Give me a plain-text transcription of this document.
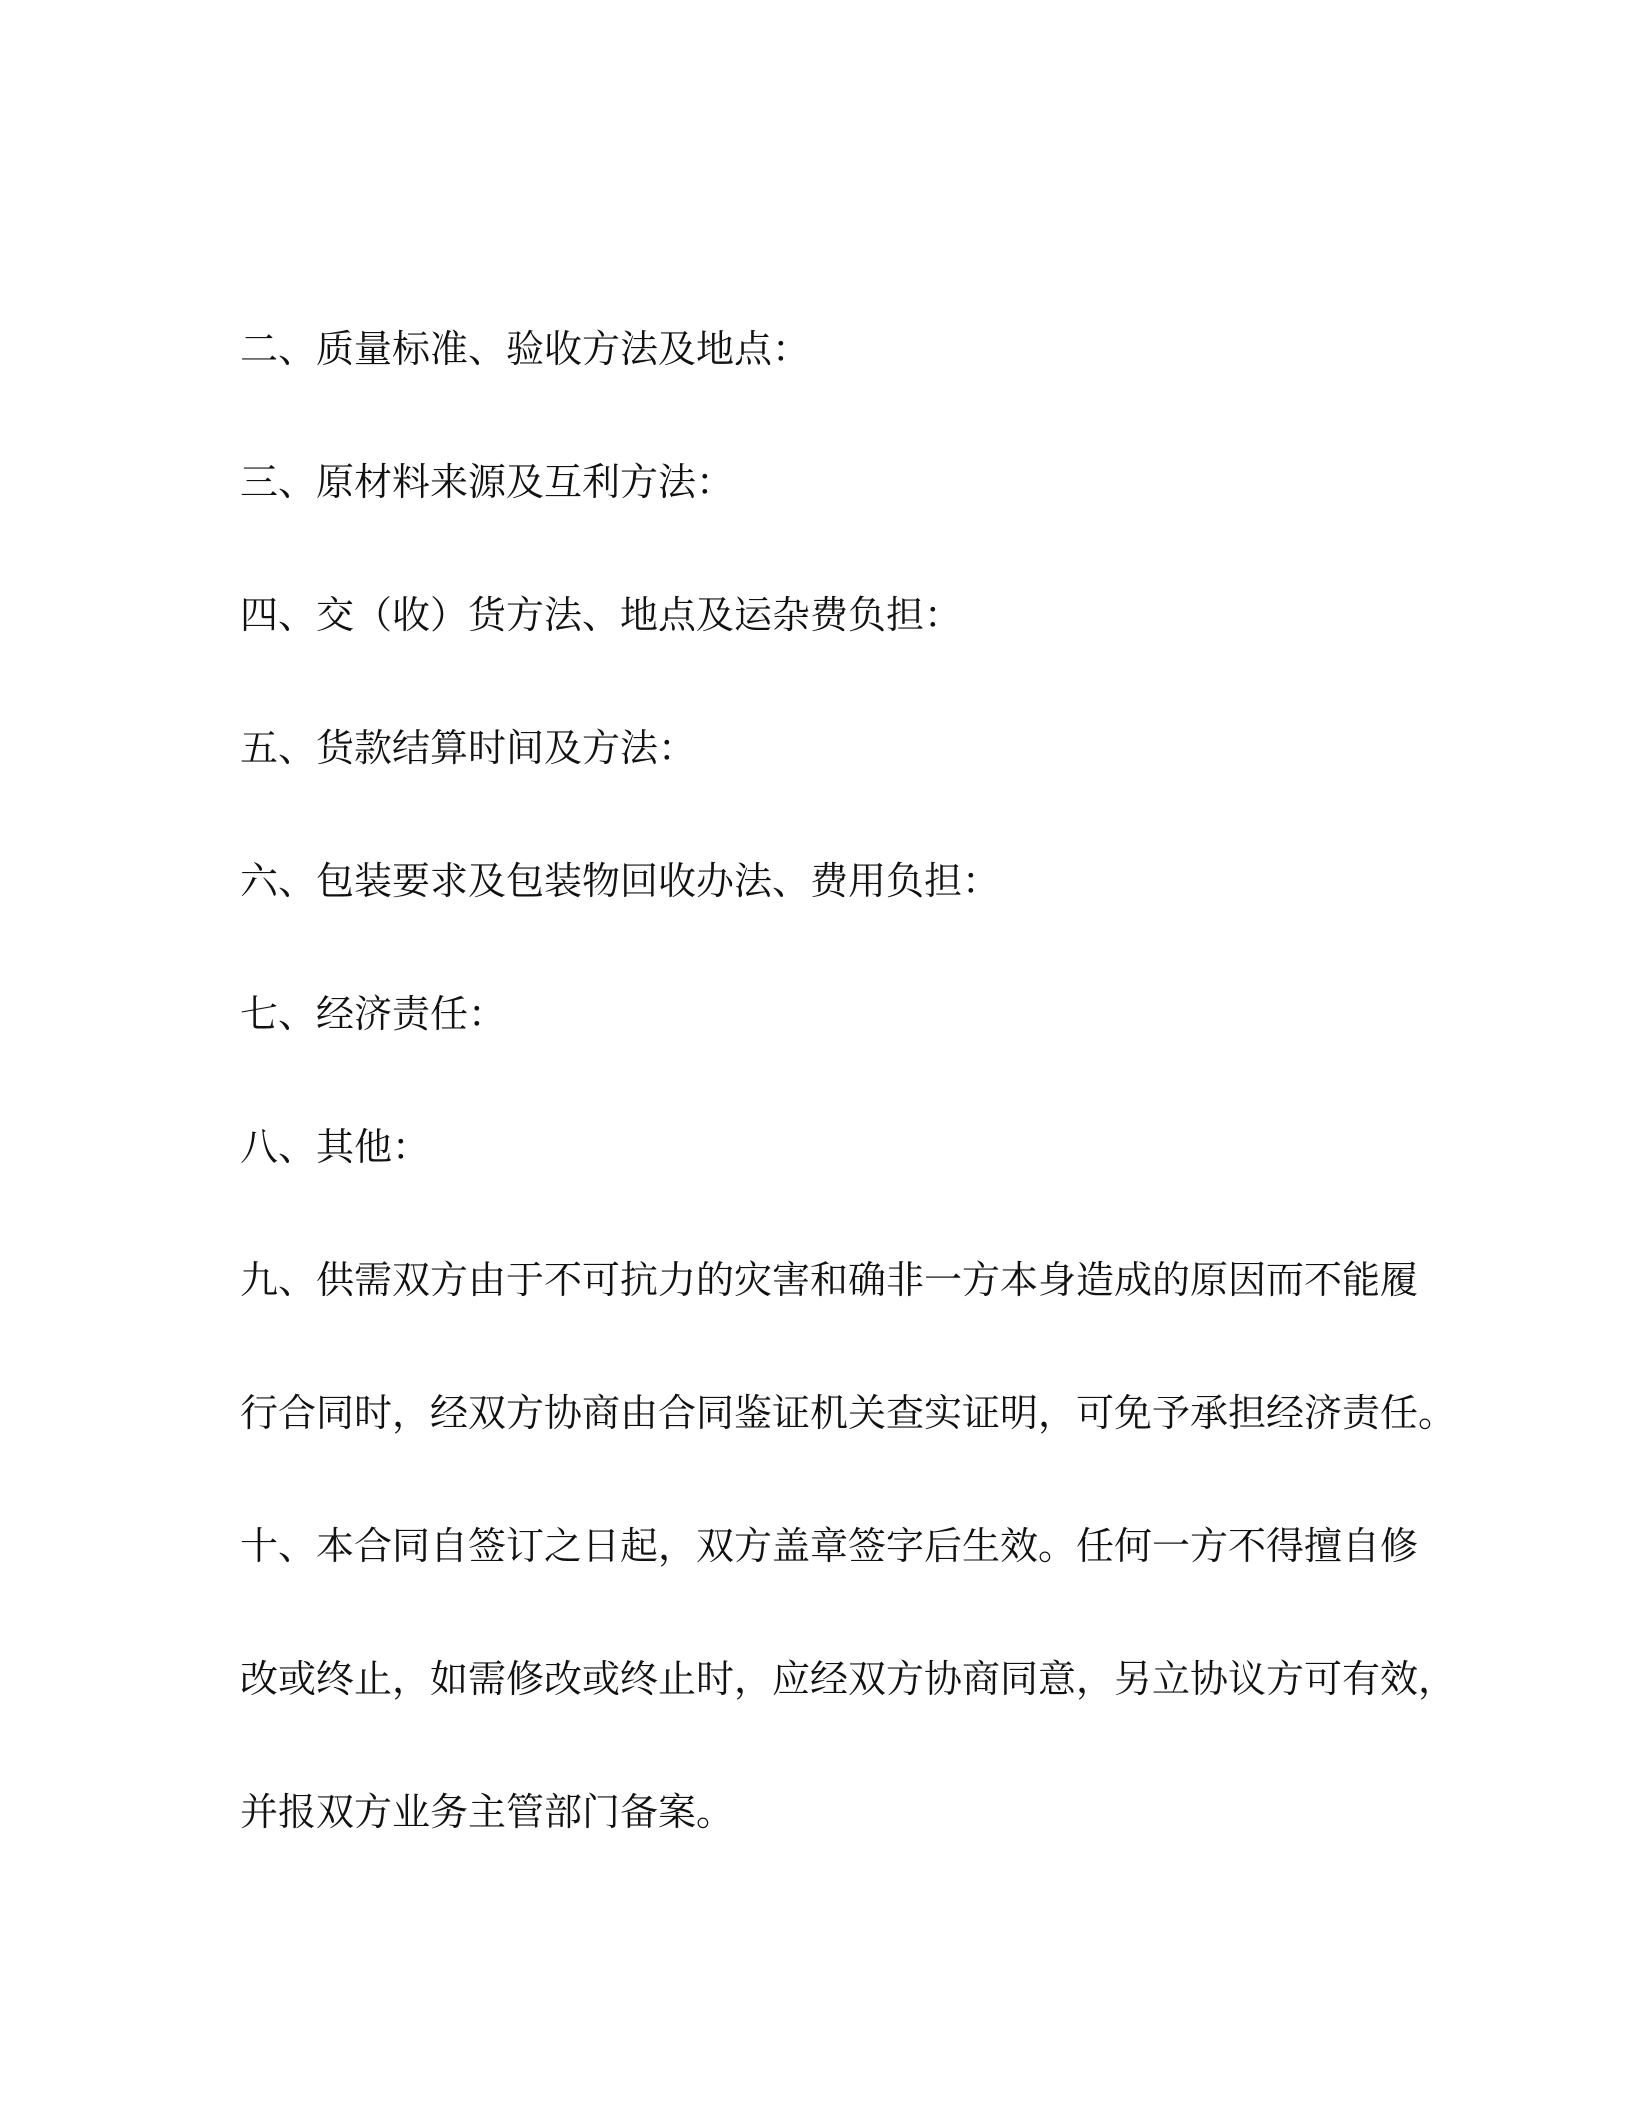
二、质量标准、验收方法及地点：
三、原材料来源及互利方法：
四、交（收）货方法、地点及运杂费负担：
五、货款结算时间及方法：
六、包装要求及包装物回收办法、费用负担：
七、经济责任：
八、其他：
九、供需双方由于不可抗力的灾害和确非一方本身造成的原因而不能履
行合同时，经双方协商由合同鉴证机关查实证明，可免予承担经济责任。
十、本合同自签订之日起，双方盖章签字后生效。任何一方不得擅自修
改或终止，如需修改或终止时，应经双方协商同意，另立协议方可有效，
并报双方业务主管部门备案。
